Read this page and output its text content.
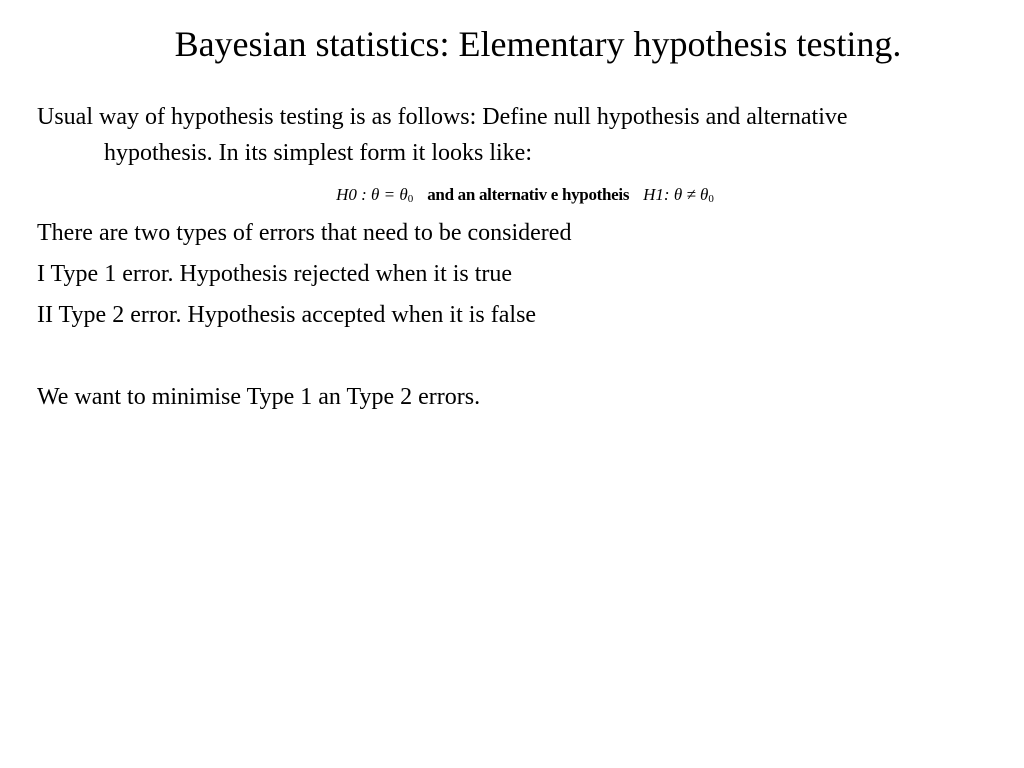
Bayesian statistics: Elementary hypothesis testing.
Usual way of hypothesis testing is as follows: Define null hypothesis and alternative
hypothesis. In its simplest form it looks like:
H0 : $\theta = \theta_0$ and an alternativ e hypotheis H1: $\theta \ne \theta_0$
There are two types of errors that need to be considered
I Type 1 error. Hypothesis rejected when it is true
II Type 2 error. Hypothesis accepted when it is false
We want to minimise Type 1 an Type 2 errors.
